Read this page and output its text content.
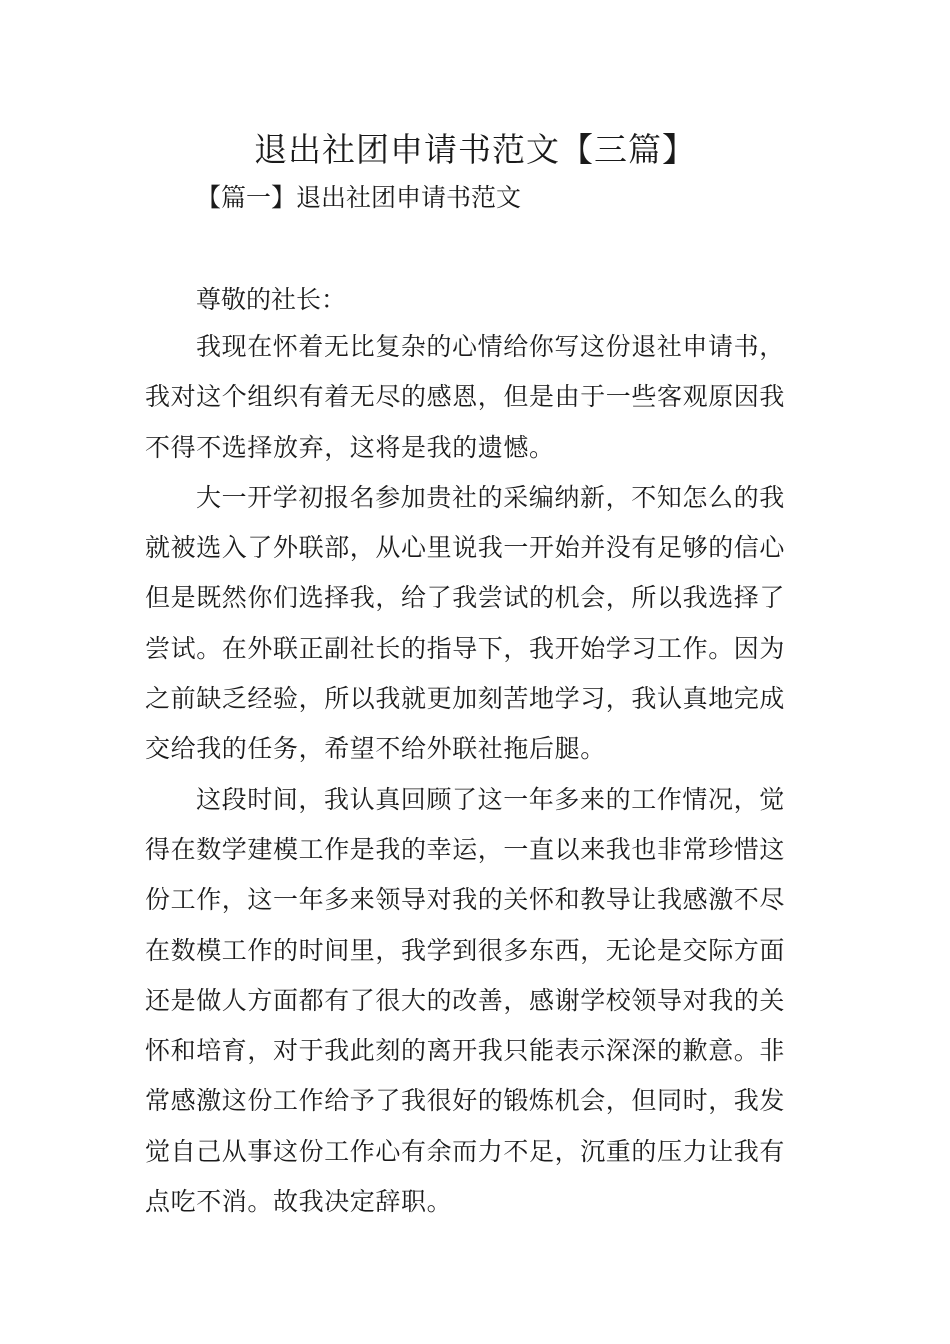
退出社团申请书范文【三篇】
【篇一】退出社团申请书范文
尊敬的社长：
我现在怀着无比复杂的心情给你写这份退社申请书，
我对这个组织有着无尽的感恩，但是由于一些客观原因我
不得不选择放弃，这将是我的遗憾。
大一开学初报名参加贵社的采编纳新，不知怎么的我
就被选入了外联部，从心里说我一开始并没有足够的信心
但是既然你们选择我，给了我尝试的机会，所以我选择了
尝试。在外联正副社长的指导下，我开始学习工作。因为
之前缺乏经验，所以我就更加刻苦地学习，我认真地完成
交给我的任务，希望不给外联社拖后腿。
这段时间，我认真回顾了这一年多来的工作情况，觉
得在数学建模工作是我的幸运，一直以来我也非常珍惜这
份工作，这一年多来领导对我的关怀和教导让我感激不尽
在数模工作的时间里，我学到很多东西，无论是交际方面
还是做人方面都有了很大的改善，感谢学校领导对我的关
怀和培育，对于我此刻的离开我只能表示深深的歉意。非
常感激这份工作给予了我很好的锻炼机会，但同时，我发
觉自己从事这份工作心有余而力不足，沉重的压力让我有
点吃不消。故我决定辞职。
